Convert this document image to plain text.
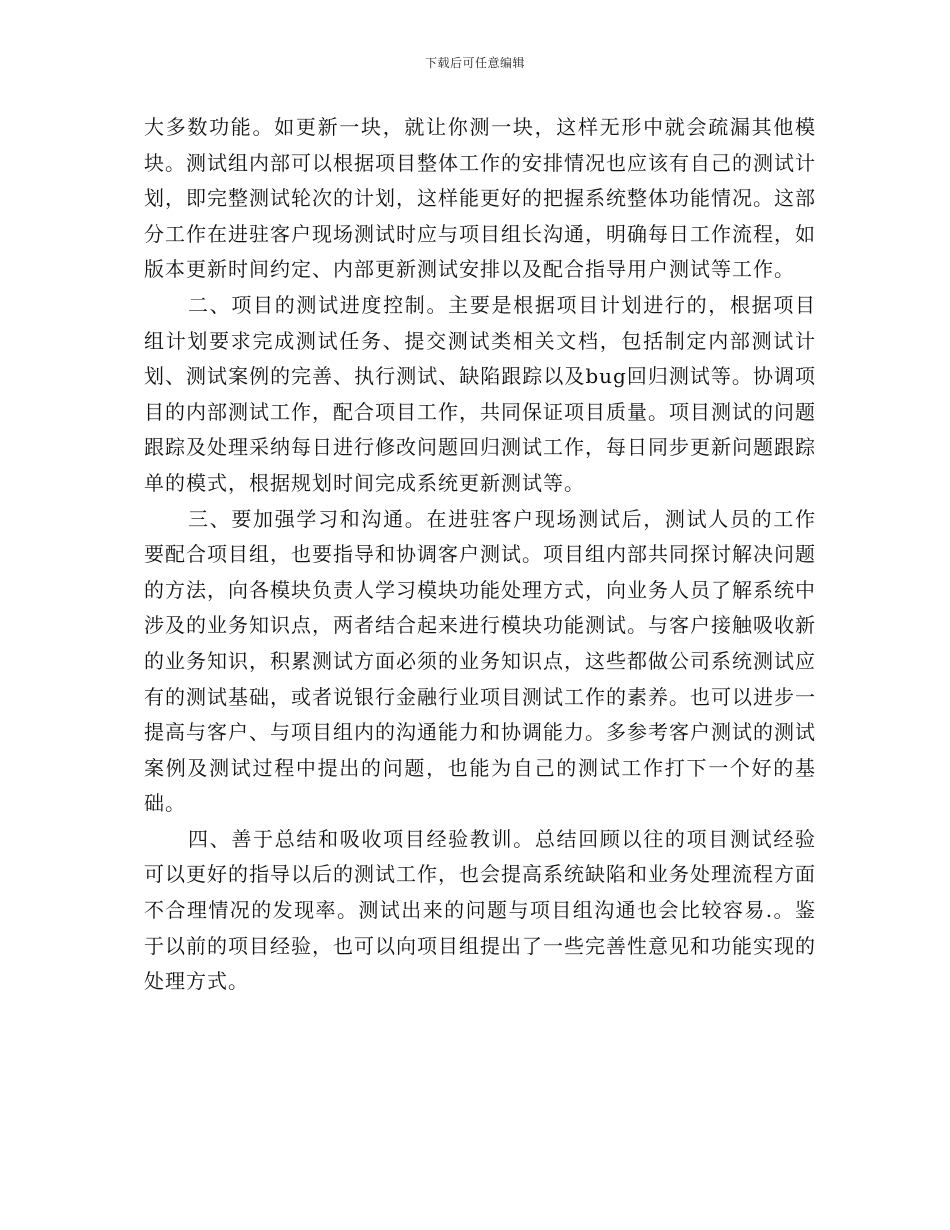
下载后可任意编辑

大多数功能。如更新一块，就让你测一块，这样无形中就会疏漏其他模块。测试组内部可以根据项目整体工作的安排情况也应该有自己的测试计划，即完整测试轮次的计划，这样能更好的把握系统整体功能情况。这部分工作在进驻客户现场测试时应与项目组长沟通，明确每日工作流程，如版本更新时间约定、内部更新测试安排以及配合指导用户测试等工作。

二、项目的测试进度控制。主要是根据项目计划进行的，根据项目组计划要求完成测试任务、提交测试类相关文档，包括制定内部测试计划、测试案例的完善、执行测试、缺陷跟踪以及bug回归测试等。协调项目的内部测试工作，配合项目工作，共同保证项目质量。项目测试的问题跟踪及处理采纳每日进行修改问题回归测试工作，每日同步更新问题跟踪单的模式，根据规划时间完成系统更新测试等。

三、要加强学习和沟通。在进驻客户现场测试后，测试人员的工作要配合项目组，也要指导和协调客户测试。项目组内部共同探讨解决问题的方法，向各模块负责人学习模块功能处理方式，向业务人员了解系统中涉及的业务知识点，两者结合起来进行模块功能测试。与客户接触吸收新的业务知识，积累测试方面必须的业务知识点，这些都做公司系统测试应有的测试基础，或者说银行金融行业项目测试工作的素养。也可以进步一提高与客户、与项目组内的沟通能力和协调能力。多参考客户测试的测试案例及测试过程中提出的问题，也能为自己的测试工作打下一个好的基础。

四、善于总结和吸收项目经验教训。总结回顾以往的项目测试经验可以更好的指导以后的测试工作，也会提高系统缺陷和业务处理流程方面不合理情况的发现率。测试出来的问题与项目组沟通也会比较容易.。鉴于以前的项目经验，也可以向项目组提出了一些完善性意见和功能实现的处理方式。
